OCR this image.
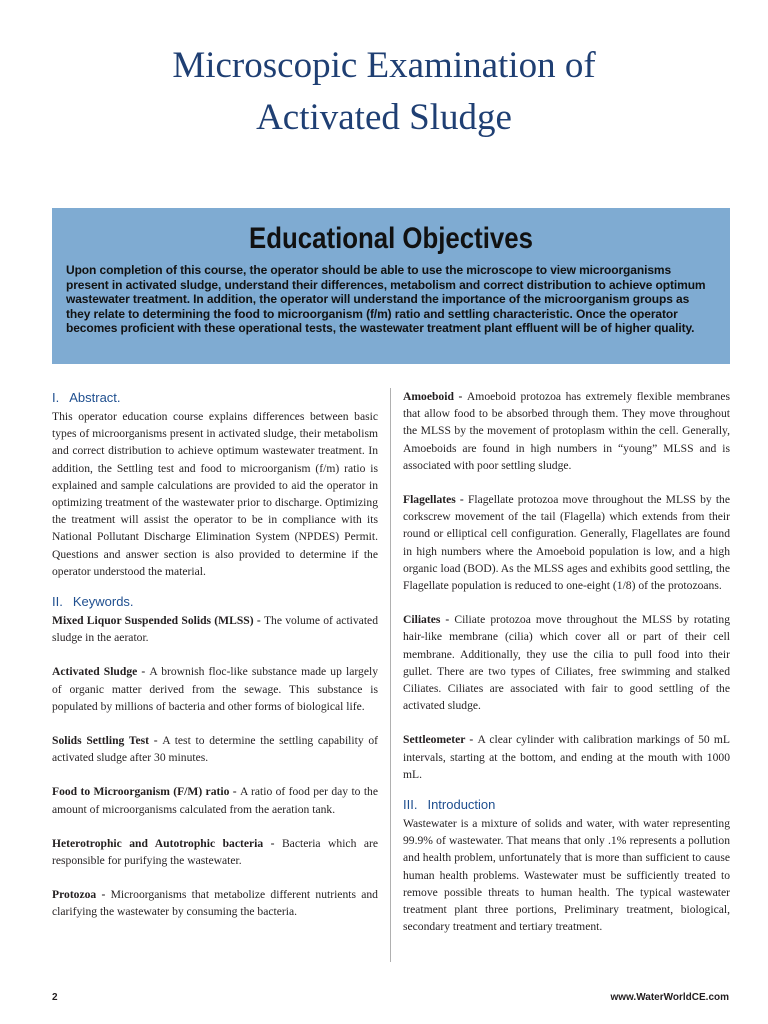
Microscopic Examination of
Activated Sludge
Educational Objectives

Upon completion of this course, the operator should be able to use the microscope to view microorganisms present in activated sludge, understand their differences, metabolism and correct distribution to achieve optimum wastewater treatment. In addition, the operator will understand the importance of the microorganism groups as they relate to determining the food to microorganism (f/m) ratio and settling characteristic. Once the operator becomes proficient with these operational tests, the wastewater treatment plant effluent will be of higher quality.

I. Abstract.

This operator education course explains differences between basic types of microorganisms present in activated sludge, their metabolism and correct distribution to achieve optimum wastewater treatment. In addition, the Settling test and food to microorganism (f/m) ratio is explained and sample calculations are provided to aid the operator in optimizing treatment of the wastewater prior to discharge. Optimizing the treatment will assist the operator to be in compliance with its National Pollutant Discharge Elimination System (NPDES) Permit. Questions and answer section is also provided to determine if the operator understood the material.

II. Keywords.

Mixed Liquor Suspended Solids (MLSS) - The volume of activated sludge in the aerator.

Activated Sludge - A brownish floc-like substance made up largely of organic matter derived from the sewage. This substance is populated by millions of bacteria and other forms of biological life.

Solids Settling Test - A test to determine the settling capability of activated sludge after 30 minutes.

Food to Microorganism (F/M) ratio - A ratio of food per day to the amount of microorganisms calculated from the aeration tank.

Heterotrophic and Autotrophic bacteria - Bacteria which are responsible for purifying the wastewater.

Protozoa - Microorganisms that metabolize different nutrients and clarifying the wastewater by consuming the bacteria.

Amoeboid - Amoeboid protozoa has extremely flexible membranes that allow food to be absorbed through them. They move throughout the MLSS by the movement of protoplasm within the cell. Generally, Amoeboids are found in high numbers in “young” MLSS and is associated with poor settling sludge.

Flagellates - Flagellate protozoa move throughout the MLSS by the corkscrew movement of the tail (Flagella) which extends from their round or elliptical cell configuration. Generally, Flagellates are found in high numbers where the Amoeboid population is low, and a high organic load (BOD). As the MLSS ages and exhibits good settling, the Flagellate population is reduced to one-eight (1/8) of the protozoans.

Ciliates - Ciliate protozoa move throughout the MLSS by rotating hair-like membrane (cilia) which cover all or part of their cell membrane. Additionally, they use the cilia to pull food into their gullet. There are two types of Ciliates, free swimming and stalked Ciliates. Ciliates are associated with fair to good settling of the activated sludge.

Settleometer - A clear cylinder with calibration markings of 50 mL intervals, starting at the bottom, and ending at the mouth with 1000 mL.

III. Introduction

Wastewater is a mixture of solids and water, with water representing 99.9% of wastewater. That means that only .1% represents a pollution and health problem, unfortunately that is more than sufficient to cause human health problems. Wastewater must be sufficiently treated to remove possible threats to human health. The typical wastewater treatment plant three portions, Preliminary treatment, biological, secondary treatment and tertiary treatment.

2	www.WaterWorldCE.com
